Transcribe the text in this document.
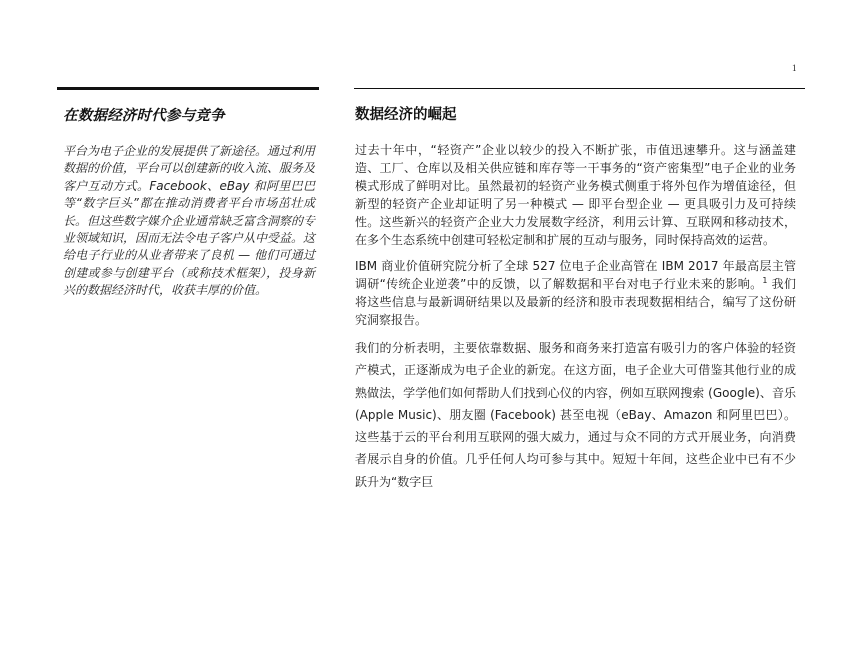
1
在数据经济时代参与竞争
平台为电子企业的发展提供了新途径。通过利用数据的价值，平台可以创建新的收入流、服务及客户互动方式。Facebook、eBay 和阿里巴巴等“数字巨头”都在推动消费者平台市场茁壮成长。但这些数字媒介企业通常缺乏富含洞察的专业领域知识，因而无法令电子客户从中受益。这给电子行业的从业者带来了良机 — 他们可通过创建或参与创建平台（或称技术框架），投身新兴的数据经济时代，收获丰厚的价值。
数据经济的崛起

过去十年中，“轻资产”企业以较少的投入不断扩张，市值迅速攀升。这与涵盖建造、工厂、仓库以及相关供应链和库存等一干事务的“资产密集型”电子企业的业务模式形成了鲜明对比。虽然最初的轻资产业务模式侧重于将外包作为增值途径，但新型的轻资产企业却证明了另一种模式 — 即平台型企业 — 更具吸引力及可持续性。这些新兴的轻资产企业大力发展数字经济，利用云计算、互联网和移动技术，在多个生态系统中创建可轻松定制和扩展的互动与服务，同时保持高效的运营。

IBM 商业价值研究院分析了全球 527 位电子企业高管在 IBM 2017 年最高层主管调研“传统企业逆袭”中的反馈，以了解数据和平台对电子行业未来的影响。$^1$ 我们将这些信息与最新调研结果以及最新的经济和股市表现数据相结合，编写了这份研究洞察报告。

我们的分析表明，主要依靠数据、服务和商务来打造富有吸引力的客户体验的轻资产模式，正逐渐成为电子企业的新宠。在这方面，电子企业大可借鉴其他行业的成熟做法，学学他们如何帮助人们找到心仪的内容，例如互联网搜索 (Google)、音乐 (Apple Music)、朋友圈 (Facebook) 甚至电视（eBay、Amazon 和阿里巴巴）。这些基于云的平台利用互联网的强大威力，通过与众不同的方式开展业务，向消费者展示自身的价值。几乎任何人均可参与其中。短短十年间，这些企业中已有不少跃升为“数字巨
